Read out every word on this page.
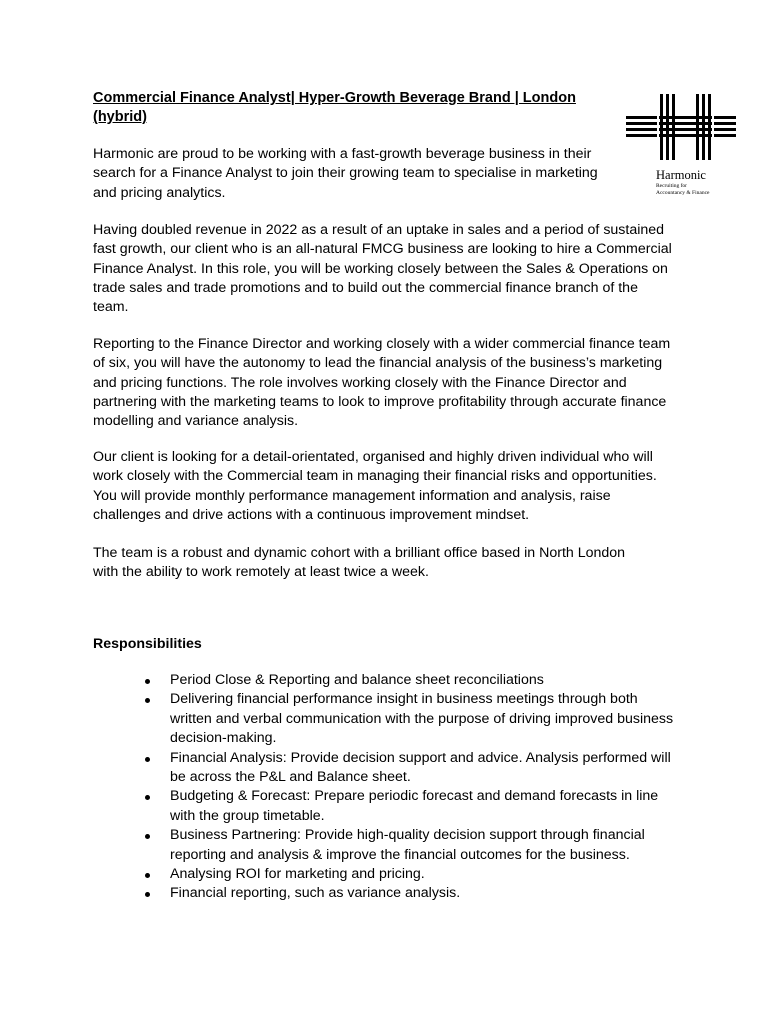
Commercial Finance Analyst| Hyper-Growth Beverage Brand | London (hybrid)
Harmonic
Recruiting for
Accountancy & Finance

Harmonic are proud to be working with a fast-growth beverage business in their search for a Finance Analyst to join their growing team to specialise in marketing and pricing analytics.

Having doubled revenue in 2022 as a result of an uptake in sales and a period of sustained fast growth, our client who is an all-natural FMCG business are looking to hire a Commercial Finance Analyst. In this role, you will be working closely between the Sales & Operations on trade sales and trade promotions and to build out the commercial finance branch of the team.

Reporting to the Finance Director and working closely with a wider commercial finance team of six, you will have the autonomy to lead the financial analysis of the business’s marketing and pricing functions. The role involves working closely with the Finance Director and partnering with the marketing teams to look to improve profitability through accurate finance modelling and variance analysis.

Our client is looking for a detail-orientated, organised and highly driven individual who will work closely with the Commercial team in managing their financial risks and opportunities. You will provide monthly performance management information and analysis, raise challenges and drive actions with a continuous improvement mindset.

The team is a robust and dynamic cohort with a brilliant office based in North London with the ability to work remotely at least twice a week.

Responsibilities
Period Close & Reporting and balance sheet reconciliations
Delivering financial performance insight in business meetings through both written and verbal communication with the purpose of driving improved business decision-making.
Financial Analysis: Provide decision support and advice. Analysis performed will be across the P&L and Balance sheet.
Budgeting & Forecast: Prepare periodic forecast and demand forecasts in line with the group timetable.
Business Partnering: Provide high-quality decision support through financial reporting and analysis & improve the financial outcomes for the business.
Analysing ROI for marketing and pricing.
Financial reporting, such as variance analysis.
